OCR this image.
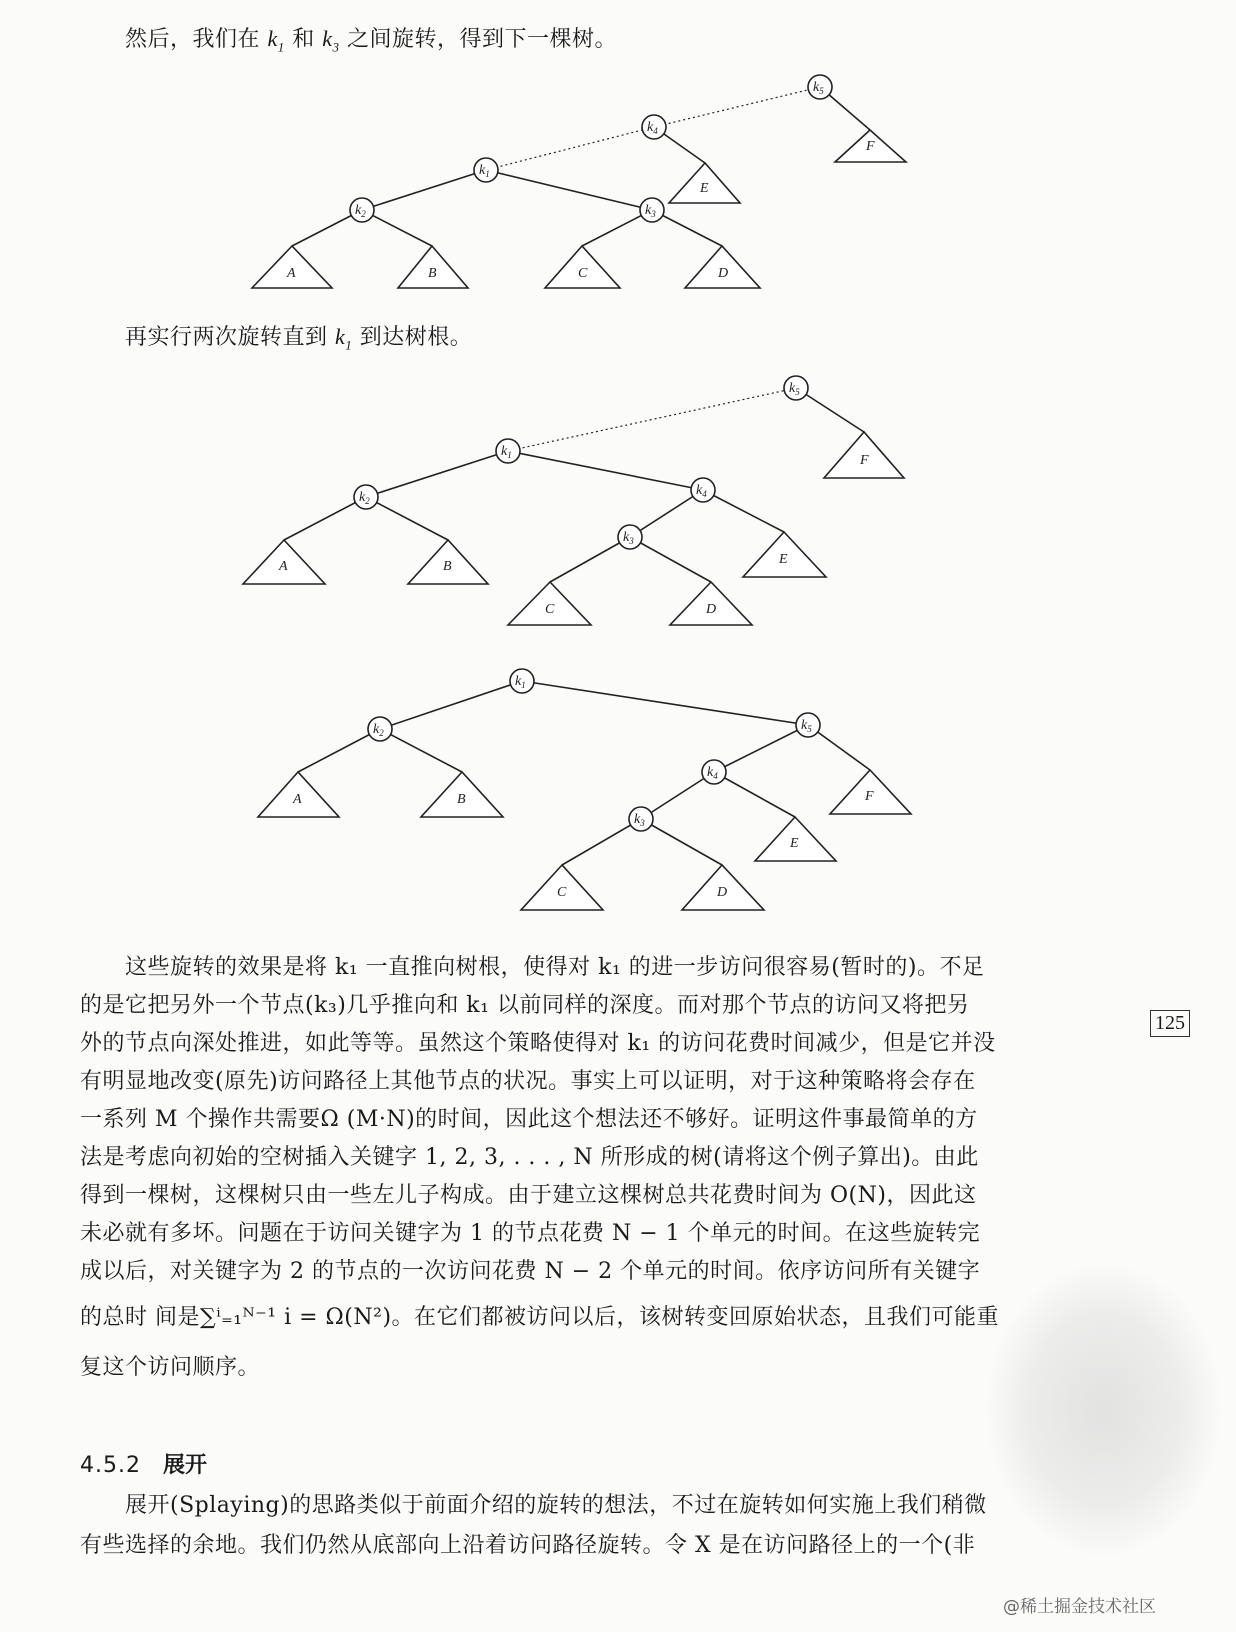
然后，我们在 $k_1$ 和 $k_3$ 之间旋转，得到下一棵树。
$k_5$
$k_4$
$k_1$
$k_2$	$k_3$
F
E
A	B	C	D
再实行两次旋转直到 $k_1$ 到达树根。
$k_5$
$k_1$
$k_2$
$k_4$
$k_3$
F
A	B	E
C	D
$k_1$
$k_2$	$k_5$
$k_4$
$k_3$
A	B	F
E
C	D
这些旋转的效果是将 k₁ 一直推向树根，使得对 k₁ 的进一步访问很容易(暂时的)。不足
的是它把另外一个节点(k₃)几乎推向和 k₁ 以前同样的深度。而对那个节点的访问又将把另
外的节点向深处推进，如此等等。虽然这个策略使得对 k₁ 的访问花费时间减少，但是它并没
有明显地改变(原先)访问路径上其他节点的状况。事实上可以证明，对于这种策略将会存在
一系列 M 个操作共需要Ω (M·N)的时间，因此这个想法还不够好。证明这件事最简单的方
法是考虑向初始的空树插入关键字 1, 2, 3, . . . , N 所形成的树(请将这个例子算出)。由此
得到一棵树，这棵树只由一些左儿子构成。由于建立这棵树总共花费时间为 O(N)，因此这
未必就有多坏。问题在于访问关键字为 1 的节点花费 N − 1 个单元的时间。在这些旋转完
成以后，对关键字为 2 的节点的一次访问花费 N − 2 个单元的时间。依序访问所有关键字
的总时 间是∑ⁱ₌₁ᴺ⁻¹ i = Ω(N²)。在它们都被访问以后，该树转变回原始状态，且我们可能重
复这个访问顺序。
125
4.5.2 展开
展开(Splaying)的思路类似于前面介绍的旋转的想法，不过在旋转如何实施上我们稍微
有些选择的余地。我们仍然从底部向上沿着访问路径旋转。令 X 是在访问路径上的一个(非
@稀土掘金技术社区
